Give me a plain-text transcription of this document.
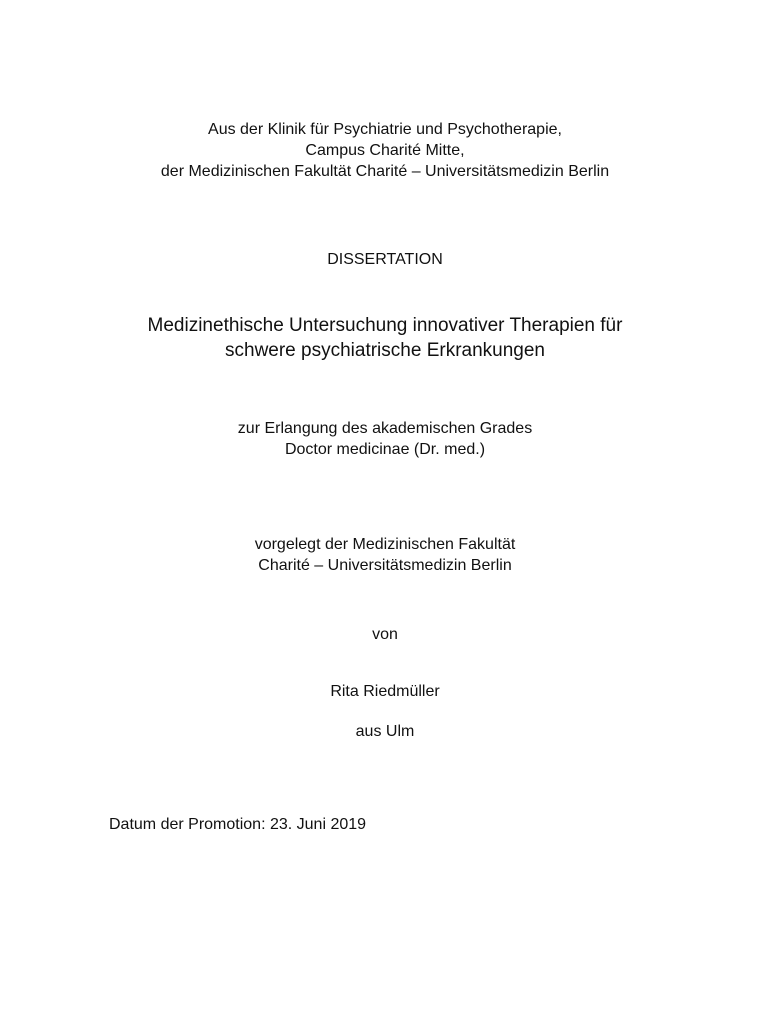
Aus der Klinik für Psychiatrie und Psychotherapie,
Campus Charité Mitte,
der Medizinischen Fakultät Charité – Universitätsmedizin Berlin
DISSERTATION
Medizinethische Untersuchung innovativer Therapien für
schwere psychiatrische Erkrankungen
zur Erlangung des akademischen Grades
Doctor medicinae (Dr. med.)
vorgelegt der Medizinischen Fakultät
Charité – Universitätsmedizin Berlin
von
Rita Riedmüller
aus Ulm
Datum der Promotion: 23. Juni 2019
